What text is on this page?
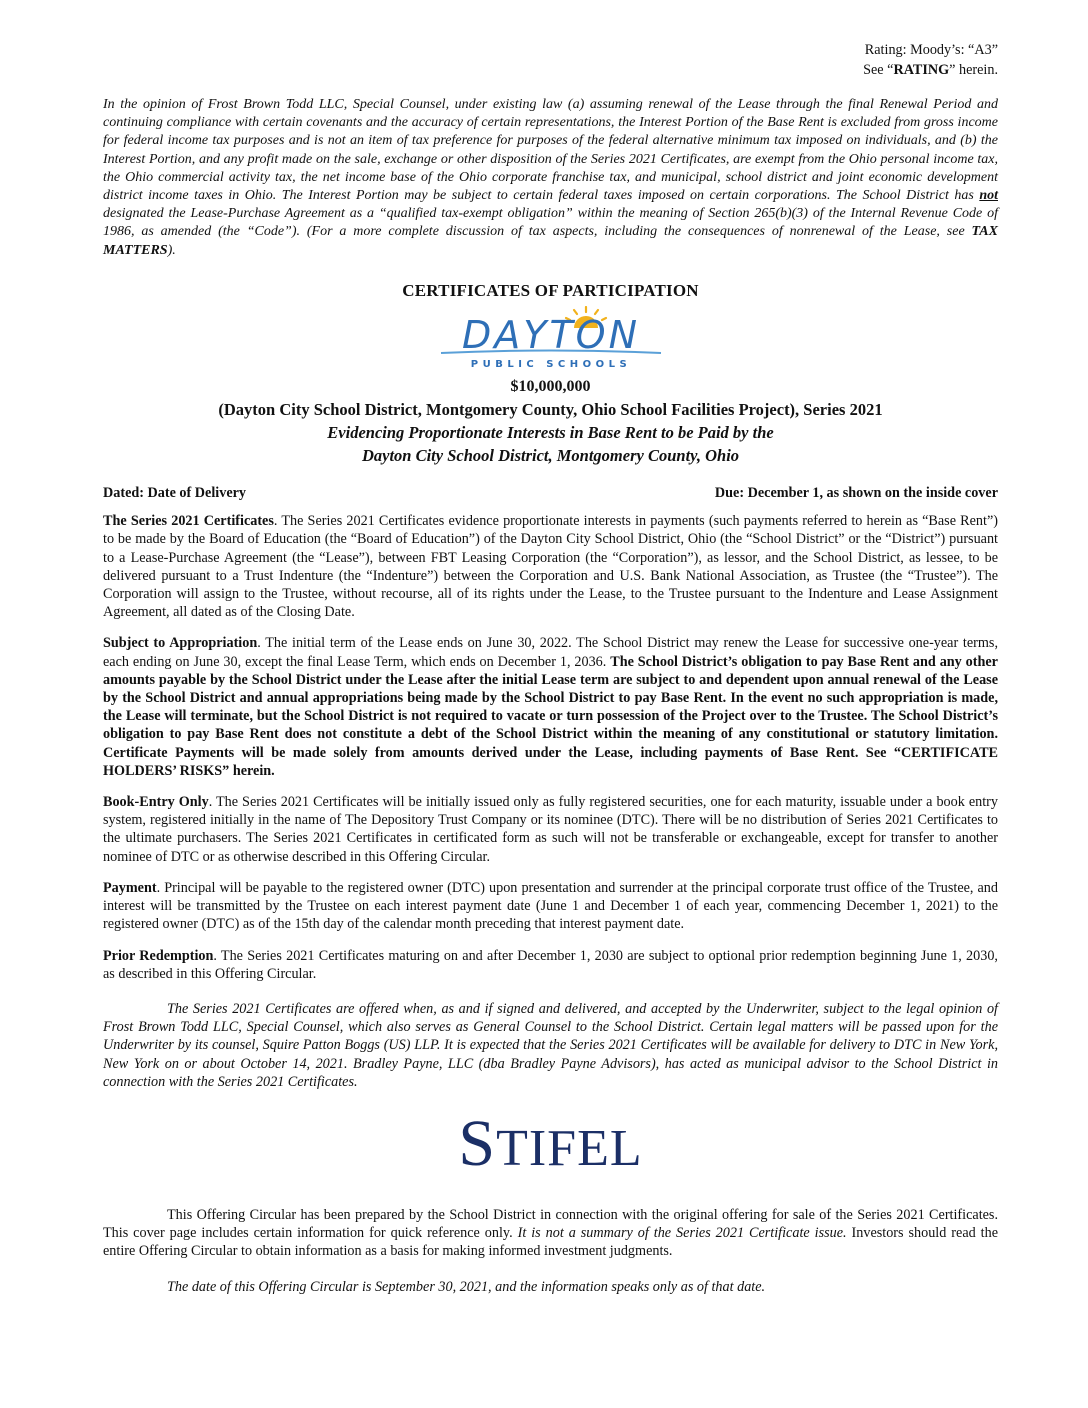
Rating: Moody’s: “A3”
See “RATING” herein.
In the opinion of Frost Brown Todd LLC, Special Counsel, under existing law (a) assuming renewal of the Lease through the final Renewal Period and continuing compliance with certain covenants and the accuracy of certain representations, the Interest Portion of the Base Rent is excluded from gross income for federal income tax purposes and is not an item of tax preference for purposes of the federal alternative minimum tax imposed on individuals, and (b) the Interest Portion, and any profit made on the sale, exchange or other disposition of the Series 2021 Certificates, are exempt from the Ohio personal income tax, the Ohio commercial activity tax, the net income base of the Ohio corporate franchise tax, and municipal, school district and joint economic development district income taxes in Ohio. The Interest Portion may be subject to certain federal taxes imposed on certain corporations. The School District has not designated the Lease-Purchase Agreement as a “qualified tax-exempt obligation” within the meaning of Section 265(b)(3) of the Internal Revenue Code of 1986, as amended (the “Code”). (For a more complete discussion of tax aspects, including the consequences of nonrenewal of the Lease, see TAX MATTERS).
CERTIFICATES OF PARTICIPATION
DAYTON
PUBLIC SCHOOLS
$10,000,000
(Dayton City School District, Montgomery County, Ohio School Facilities Project), Series 2021
Evidencing Proportionate Interests in Base Rent to be Paid by the
Dayton City School District, Montgomery County, Ohio
Dated: Date of Delivery	Due: December 1, as shown on the inside cover
The Series 2021 Certificates. The Series 2021 Certificates evidence proportionate interests in payments (such payments referred to herein as “Base Rent”) to be made by the Board of Education (the “Board of Education”) of the Dayton City School District, Ohio (the “School District” or the “District”) pursuant to a Lease-Purchase Agreement (the “Lease”), between FBT Leasing Corporation (the “Corporation”), as lessor, and the School District, as lessee, to be delivered pursuant to a Trust Indenture (the “Indenture”) between the Corporation and U.S. Bank National Association, as Trustee (the “Trustee”). The Corporation will assign to the Trustee, without recourse, all of its rights under the Lease, to the Trustee pursuant to the Indenture and Lease Assignment Agreement, all dated as of the Closing Date.
Subject to Appropriation. The initial term of the Lease ends on June 30, 2022. The School District may renew the Lease for successive one-year terms, each ending on June 30, except the final Lease Term, which ends on December 1, 2036. The School District’s obligation to pay Base Rent and any other amounts payable by the School District under the Lease after the initial Lease term are subject to and dependent upon annual renewal of the Lease by the School District and annual appropriations being made by the School District to pay Base Rent. In the event no such appropriation is made, the Lease will terminate, but the School District is not required to vacate or turn possession of the Project over to the Trustee. The School District’s obligation to pay Base Rent does not constitute a debt of the School District within the meaning of any constitutional or statutory limitation. Certificate Payments will be made solely from amounts derived under the Lease, including payments of Base Rent. See “CERTIFICATE HOLDERS’ RISKS” herein.
Book-Entry Only. The Series 2021 Certificates will be initially issued only as fully registered securities, one for each maturity, issuable under a book entry system, registered initially in the name of The Depository Trust Company or its nominee (DTC). There will be no distribution of Series 2021 Certificates to the ultimate purchasers. The Series 2021 Certificates in certificated form as such will not be transferable or exchangeable, except for transfer to another nominee of DTC or as otherwise described in this Offering Circular.
Payment. Principal will be payable to the registered owner (DTC) upon presentation and surrender at the principal corporate trust office of the Trustee, and interest will be transmitted by the Trustee on each interest payment date (June 1 and December 1 of each year, commencing December 1, 2021) to the registered owner (DTC) as of the 15th day of the calendar month preceding that interest payment date.
Prior Redemption. The Series 2021 Certificates maturing on and after December 1, 2030 are subject to optional prior redemption beginning June 1, 2030, as described in this Offering Circular.
The Series 2021 Certificates are offered when, as and if signed and delivered, and accepted by the Underwriter, subject to the legal opinion of Frost Brown Todd LLC, Special Counsel, which also serves as General Counsel to the School District. Certain legal matters will be passed upon for the Underwriter by its counsel, Squire Patton Boggs (US) LLP. It is expected that the Series 2021 Certificates will be available for delivery to DTC in New York, New York on or about October 14, 2021. Bradley Payne, LLC (dba Bradley Payne Advisors), has acted as municipal advisor to the School District in connection with the Series 2021 Certificates.
STIFEL
This Offering Circular has been prepared by the School District in connection with the original offering for sale of the Series 2021 Certificates. This cover page includes certain information for quick reference only. It is not a summary of the Series 2021 Certificate issue. Investors should read the entire Offering Circular to obtain information as a basis for making informed investment judgments.
The date of this Offering Circular is September 30, 2021, and the information speaks only as of that date.
